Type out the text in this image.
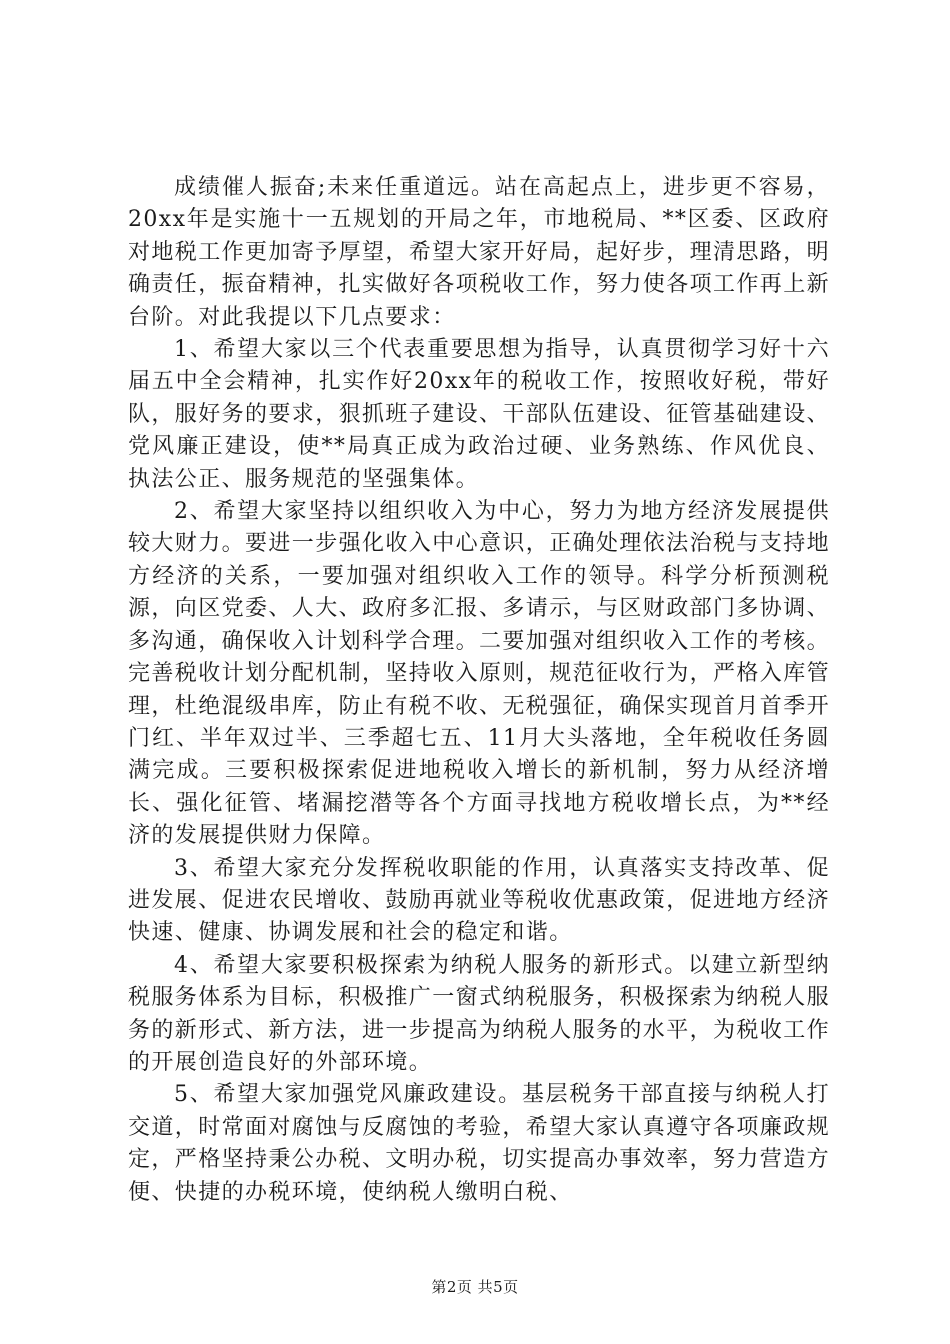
成绩催人振奋;未来任重道远。站在高起点上，进步更不容易，20xx年是实施十一五规划的开局之年，市地税局、**区委、区政府对地税工作更加寄予厚望，希望大家开好局，起好步，理清思路，明确责任，振奋精神，扎实做好各项税收工作，努力使各项工作再上新台阶。对此我提以下几点要求：

1、希望大家以三个代表重要思想为指导，认真贯彻学习好十六届五中全会精神，扎实作好20xx年的税收工作，按照收好税，带好队，服好务的要求，狠抓班子建设、干部队伍建设、征管基础建设、党风廉正建设，使**局真正成为政治过硬、业务熟练、作风优良、执法公正、服务规范的坚强集体。

2、希望大家坚持以组织收入为中心，努力为地方经济发展提供较大财力。要进一步强化收入中心意识，正确处理依法治税与支持地方经济的关系，一要加强对组织收入工作的领导。科学分析预测税源，向区党委、人大、政府多汇报、多请示，与区财政部门多协调、多沟通，确保收入计划科学合理。二要加强对组织收入工作的考核。完善税收计划分配机制，坚持收入原则，规范征收行为，严格入库管理，杜绝混级串库，防止有税不收、无税强征，确保实现首月首季开门红、半年双过半、三季超七五、11月大头落地，全年税收任务圆满完成。三要积极探索促进地税收入增长的新机制，努力从经济增长、强化征管、堵漏挖潜等各个方面寻找地方税收增长点，为**经济的发展提供财力保障。

3、希望大家充分发挥税收职能的作用，认真落实支持改革、促进发展、促进农民增收、鼓励再就业等税收优惠政策，促进地方经济快速、健康、协调发展和社会的稳定和谐。

4、希望大家要积极探索为纳税人服务的新形式。以建立新型纳税服务体系为目标，积极推广一窗式纳税服务，积极探索为纳税人服务的新形式、新方法，进一步提高为纳税人服务的水平，为税收工作的开展创造良好的外部环境。

5、希望大家加强党风廉政建设。基层税务干部直接与纳税人打交道，时常面对腐蚀与反腐蚀的考验，希望大家认真遵守各项廉政规定，严格坚持秉公办税、文明办税，切实提高办事效率，努力营造方便、快捷的办税环境，使纳税人缴明白税、

第2页 共5页
